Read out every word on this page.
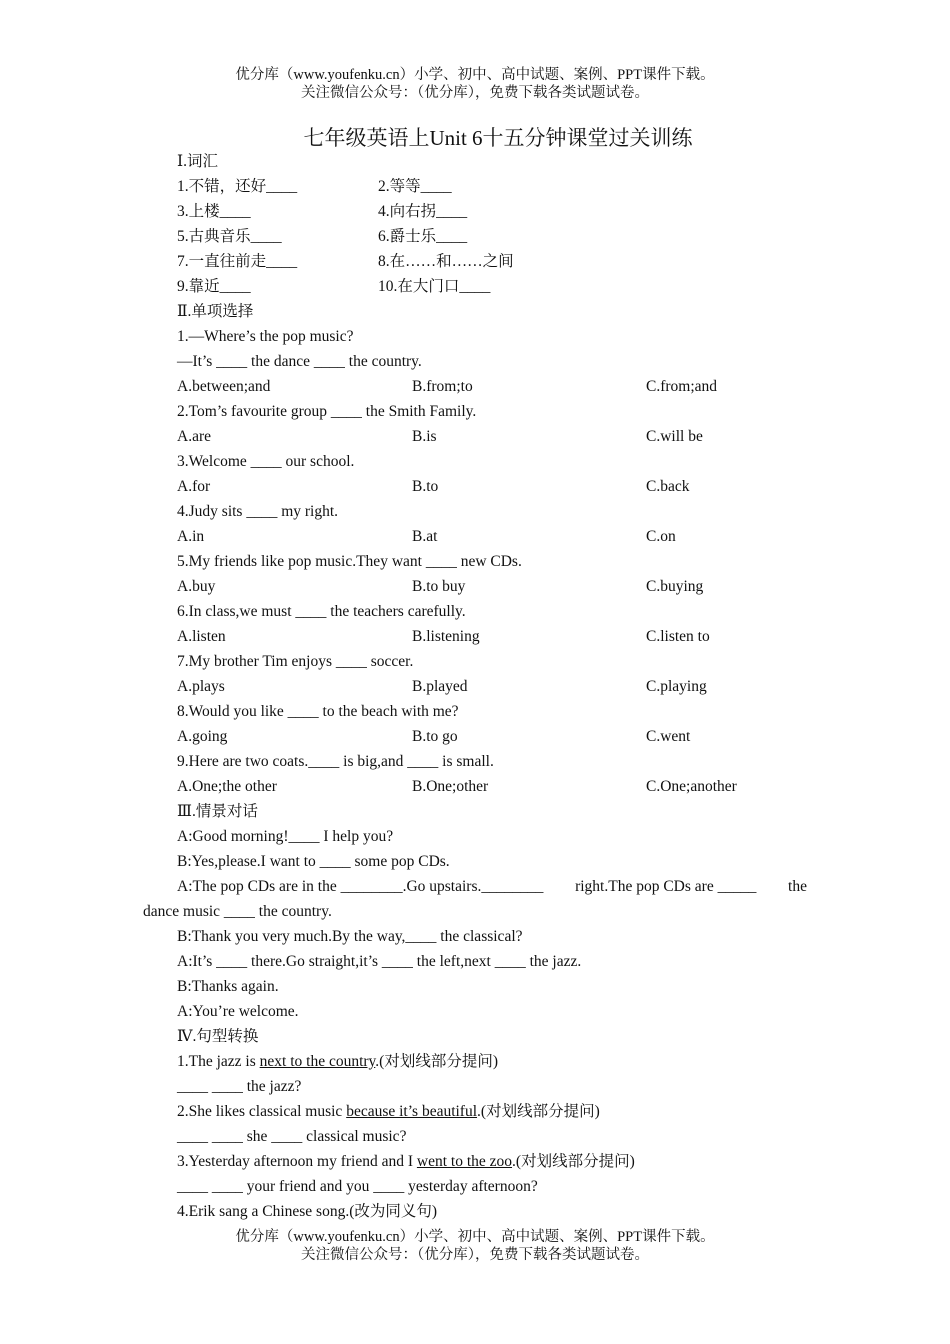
优分库（www.youfenku.cn）小学、初中、高中试题、案例、PPT课件下载。
关注微信公众号：（优分库），免费下载各类试题试卷。
七年级英语上Unit 6十五分钟课堂过关训练
Ⅰ.词汇
1.不错，还好____	2.等等____
3.上楼____	4.向右拐____
5.古典音乐____	6.爵士乐____
7.一直往前走____	8.在……和……之间
9.靠近____	10.在大门口____
Ⅱ.单项选择
1.—Where’s the pop music?
—It’s ____ the dance ____ the country.
A.between;and	B.from;to	C.from;and
2.Tom’s favourite group ____ the Smith Family.
A.are	B.is	C.will be
3.Welcome ____ our school.
A.for	B.to	C.back
4.Judy sits ____ my right.
A.in	B.at	C.on
5.My friends like pop music.They want ____ new CDs.
A.buy	B.to buy	C.buying
6.In class,we must ____ the teachers carefully.
A.listen	B.listening	C.listen to
7.My brother Tim enjoys ____ soccer.
A.plays	B.played	C.playing
8.Would you like ____ to the beach with me?
A.going	B.to go	C.went
9.Here are two coats.____ is big,and ____ is small.
A.One;the other	B.One;other	C.One;another
Ⅲ.情景对话
A:Good morning!____ I help you?
B:Yes,please.I want to ____ some pop CDs.
A:The pop CDs are in the ________.Go upstairs.________ right.The pop CDs are _____ the
dance music ____ the country.
B:Thank you very much.By the way,____ the classical?
A:It’s ____ there.Go straight,it’s ____ the left,next ____ the jazz.
B:Thanks again.
A:You’re welcome.
Ⅳ.句型转换
1.The jazz is next to the country.(对划线部分提问)
____ ____ the jazz?
2.She likes classical music because it’s beautiful.(对划线部分提问)
____ ____ she ____ classical music?
3.Yesterday afternoon my friend and I went to the zoo.(对划线部分提问)
____ ____ your friend and you ____ yesterday afternoon?
4.Erik sang a Chinese song.(改为同义句)
优分库（www.youfenku.cn）小学、初中、高中试题、案例、PPT课件下载。
关注微信公众号：（优分库），免费下载各类试题试卷。
